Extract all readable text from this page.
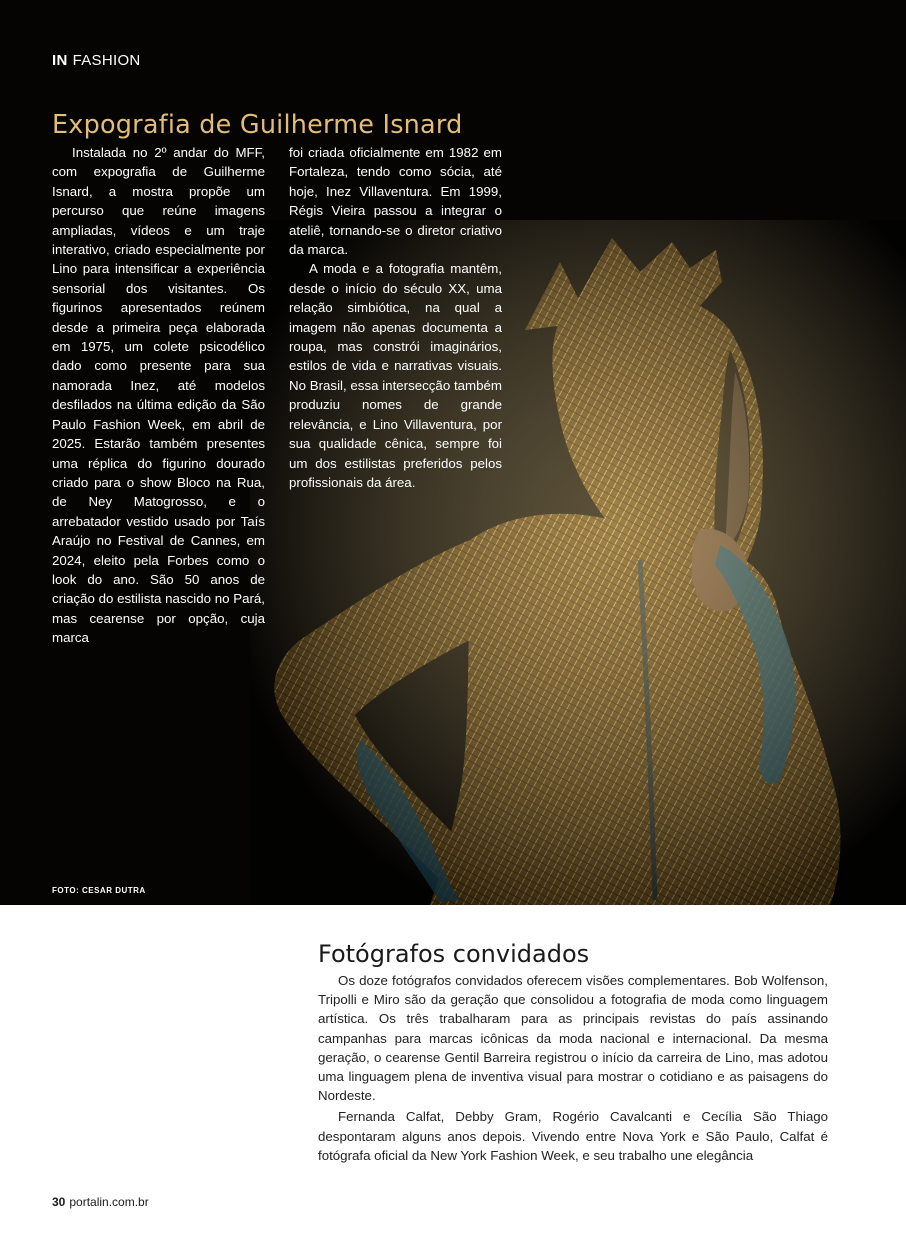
IN FASHION
Expografia de Guilherme Isnard

Instalada no 2º andar do MFF, com expografia de Guilherme Isnard, a mostra propõe um percurso que reúne imagens ampliadas, vídeos e um traje interativo, criado especialmente por Lino para intensificar a experiência sensorial dos visitantes. Os figurinos apresentados reúnem desde a primeira peça elaborada em 1975, um colete psicodélico dado como presente para sua namorada Inez, até modelos desfilados na última edição da São Paulo Fashion Week, em abril de 2025. Estarão também presentes uma réplica do figurino dourado criado para o show Bloco na Rua, de Ney Matogrosso, e o arrebatador vestido usado por Taís Araújo no Festival de Cannes, em 2024, eleito pela Forbes como o look do ano. São 50 anos de criação do estilista nascido no Pará, mas cearense por opção, cuja marca

foi criada oficialmente em 1982 em Fortaleza, tendo como sócia, até hoje, Inez Villaventura. Em 1999, Régis Vieira passou a integrar o ateliê, tornando-se o diretor criativo da marca.

A moda e a fotografia mantêm, desde o início do século XX, uma relação simbiótica, na qual a imagem não apenas documenta a roupa, mas constrói imaginários, estilos de vida e narrativas visuais. No Brasil, essa intersecção também produziu nomes de grande relevância, e Lino Villaventura, por sua qualidade cênica, sempre foi um dos estilistas preferidos pelos profissionais da área.

FOTO: CESAR DUTRA
Fotógrafos convidados

Os doze fotógrafos convidados oferecem visões complementares. Bob Wolfenson, Tripolli e Miro são da geração que consolidou a fotografia de moda como linguagem artística. Os três trabalharam para as principais revistas do país assinando campanhas para marcas icônicas da moda nacional e internacional. Da mesma geração, o cearense Gentil Barreira registrou o início da carreira de Lino, mas adotou uma linguagem plena de inventiva visual para mostrar o cotidiano e as paisagens do Nordeste.

Fernanda Calfat, Debby Gram, Rogério Cavalcanti e Cecília São Thiago despontaram alguns anos depois. Vivendo entre Nova York e São Paulo, Calfat é fotógrafa oficial da New York Fashion Week, e seu trabalho une elegância

30 portalin.com.br
